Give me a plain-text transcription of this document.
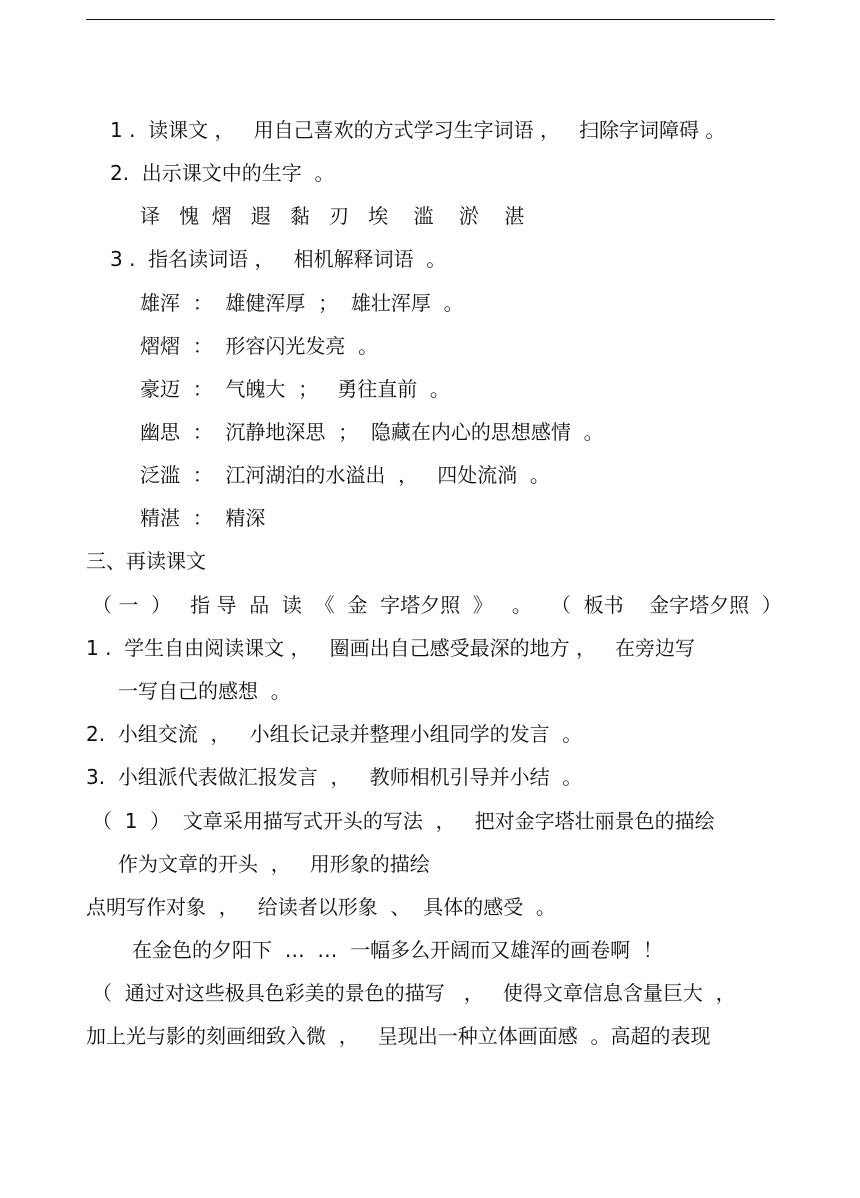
1 .  读课文 ，   用自己喜欢的方式学习生字词语 ，   扫除字词障碍 。
2.  出示课文中的生字  。
译   愧  熠   遐   黏   刃   埃    滥    淤    湛
3 .  指名读词语 ，   相机解释词语  。
雄浑  ：  雄健浑厚  ；  雄壮浑厚  。
熠熠  ：  形容闪光发亮  。
豪迈  ：  气魄大  ；   勇往直前  。
幽思  ：  沉静地深思  ；  隐藏在内心的思想感情  。
泛滥  ：  江河湖泊的水溢出  ，   四处流淌  。
精湛  ：  精深
三、再读课文
（ 一  ）   指 导  品  读  《  金  字塔夕照  》   。   （  板书    金字塔夕照  ）
1 .  学生自由阅读课文 ，   圈画出自己感受最深的地方 ，   在旁边写
一写自己的感想  。
2.  小组交流  ，   小组长记录并整理小组同学的发言  。
3.  小组派代表做汇报发言  ，   教师相机引导并小结  。
（  1  ）  文章采用描写式开头的写法  ，   把对金字塔壮丽景色的描绘
作为文章的开头  ，   用形象的描绘
点明写作对象  ，   给读者以形象  、  具体的感受  。
在金色的夕阳下  …  …  一幅多么开阔而又雄浑的画卷啊  ！
（  通过对这些极具色彩美的景色的描写   ，   使得文章信息含量巨大  ，
加上光与影的刻画细致入微  ，   呈现出一种立体画面感  。高超的表现
